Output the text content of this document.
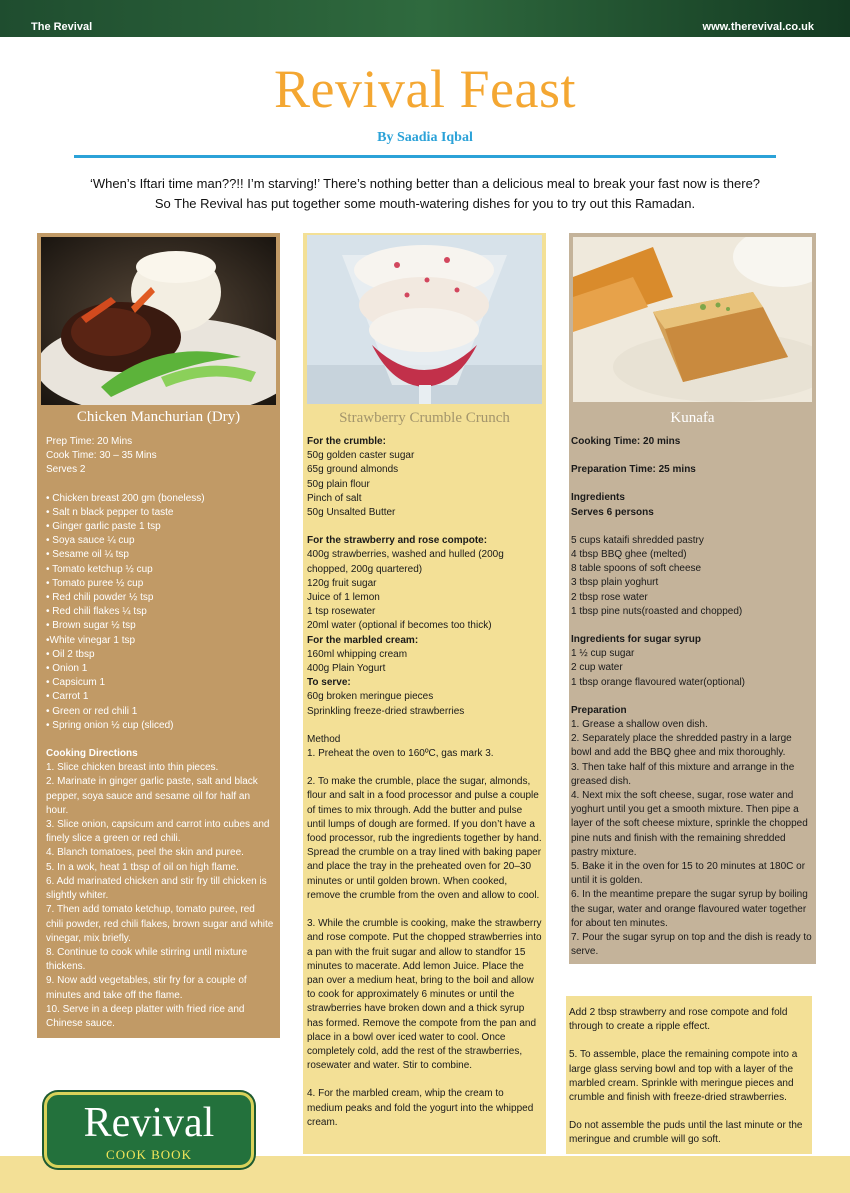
The Revival	www.therevival.co.uk
Revival Feast
By Saadia Iqbal

‘When’s Iftari time man??!! I’m starving!’ There’s nothing better than a delicious meal to break your fast now is there?

So The Revival has put together some mouth-watering dishes for you to try out this Ramadan.

Chicken Manchurian (Dry)

Prep Time: 20 Mins

Cook Time: 30 – 35 Mins

Serves 2

• Chicken breast 200 gm (boneless)

• Salt n black pepper to taste

• Ginger garlic paste 1 tsp

• Soya sauce ¼ cup

• Sesame oil ¼ tsp

• Tomato ketchup ½ cup

• Tomato puree ½ cup

• Red chili powder ½ tsp

• Red chili flakes ¼ tsp

• Brown sugar ½ tsp

•White vinegar 1 tsp

• Oil 2 tbsp

• Onion 1

• Capsicum 1

• Carrot 1

• Green or red chili 1

• Spring onion ½ cup (sliced)

Cooking Directions

1. Slice chicken breast into thin pieces.

2. Marinate in ginger garlic paste, salt and black pepper, soya sauce and sesame oil for half an hour.

3. Slice onion, capsicum and carrot into cubes and finely slice a green or red chili.

4. Blanch tomatoes, peel the skin and puree.

5. In a wok, heat 1 tbsp of oil on high flame.

6. Add marinated chicken and stir fry till chicken is slightly whiter.

7. Then add tomato ketchup, tomato puree, red chili powder, red chili flakes, brown sugar and white vinegar, mix briefly.

8. Continue to cook while stirring until mixture thickens.

9. Now add vegetables, stir fry for a couple of minutes and take off the flame.

10. Serve in a deep platter with fried rice and Chinese sauce.

Strawberry Crumble Crunch

For the crumble:

50g golden caster sugar

65g ground almonds

50g plain flour

Pinch of salt

50g Unsalted Butter

For the strawberry and rose compote:

400g strawberries, washed and hulled (200g chopped, 200g quartered)

120g fruit sugar

Juice of 1 lemon

1 tsp rosewater

20ml water (optional if becomes too thick)

For the marbled cream:

160ml whipping cream

400g Plain Yogurt

To serve:

60g broken meringue pieces

Sprinkling freeze-dried strawberries

Method

1. Preheat the oven to 160ºC, gas mark 3.

2. To make the crumble, place the sugar, almonds, flour and salt in a food processor and pulse a couple of times to mix through. Add the butter and pulse until lumps of dough are formed. If you don’t have a food processor, rub the ingredients together by hand. Spread the crumble on a tray lined with baking paper and place the tray in the preheated oven for 20–30 minutes or until golden brown. When cooked, remove the crumble from the oven and allow to cool.

3. While the crumble is cooking, make the strawberry and rose compote. Put the chopped strawberries into a pan with the fruit sugar and allow to standfor 15 minutes to macerate. Add lemon Juice. Place the pan over a medium heat, bring to the boil and allow to cook for approximately 6 minutes or until the strawberries have broken down and a thick syrup has formed. Remove the compote from the pan and place in a bowl over iced water to cool. Once completely cold, add the rest of the strawberries, rosewater and water. Stir to combine.

4. For the marbled cream, whip the cream to medium peaks and fold the yogurt into the whipped cream.

Kunafa

Cooking Time: 20 mins

Preparation Time: 25 mins

Ingredients

Serves 6 persons

5 cups kataifi shredded pastry

4 tbsp BBQ ghee (melted)

8 table spoons of soft cheese

3 tbsp plain yoghurt

2 tbsp rose water

1 tbsp pine nuts(roasted and chopped)

Ingredients for sugar syrup

1 ½ cup sugar

2 cup water

1 tbsp orange flavoured water(optional)

Preparation

1. Grease a shallow oven dish.

2. Separately place the shredded pastry in a large bowl and add the BBQ ghee and mix thoroughly.

3. Then take half of this mixture and arrange in the greased dish.

4. Next mix the soft cheese, sugar, rose water and yoghurt until you get a smooth mixture. Then pipe a layer of the soft cheese mixture, sprinkle the chopped pine nuts and finish with the remaining shredded pastry mixture.

5. Bake it in the oven for 15 to 20 minutes at 180C or until it is golden.

6. In the meantime prepare the sugar syrup by boiling the sugar, water and orange flavoured water together for about ten minutes.

7. Pour the sugar syrup on top and the dish is ready to serve.

Add 2 tbsp strawberry and rose compote and fold through to create a ripple effect.

5. To assemble, place the remaining compote into a large glass serving bowl and top with a layer of the marbled cream. Sprinkle with meringue pieces and crumble and finish with freeze-dried strawberries.

Do not assemble the puds until the last minute or the meringue and crumble will go soft.

Revival
COOK BOOK
